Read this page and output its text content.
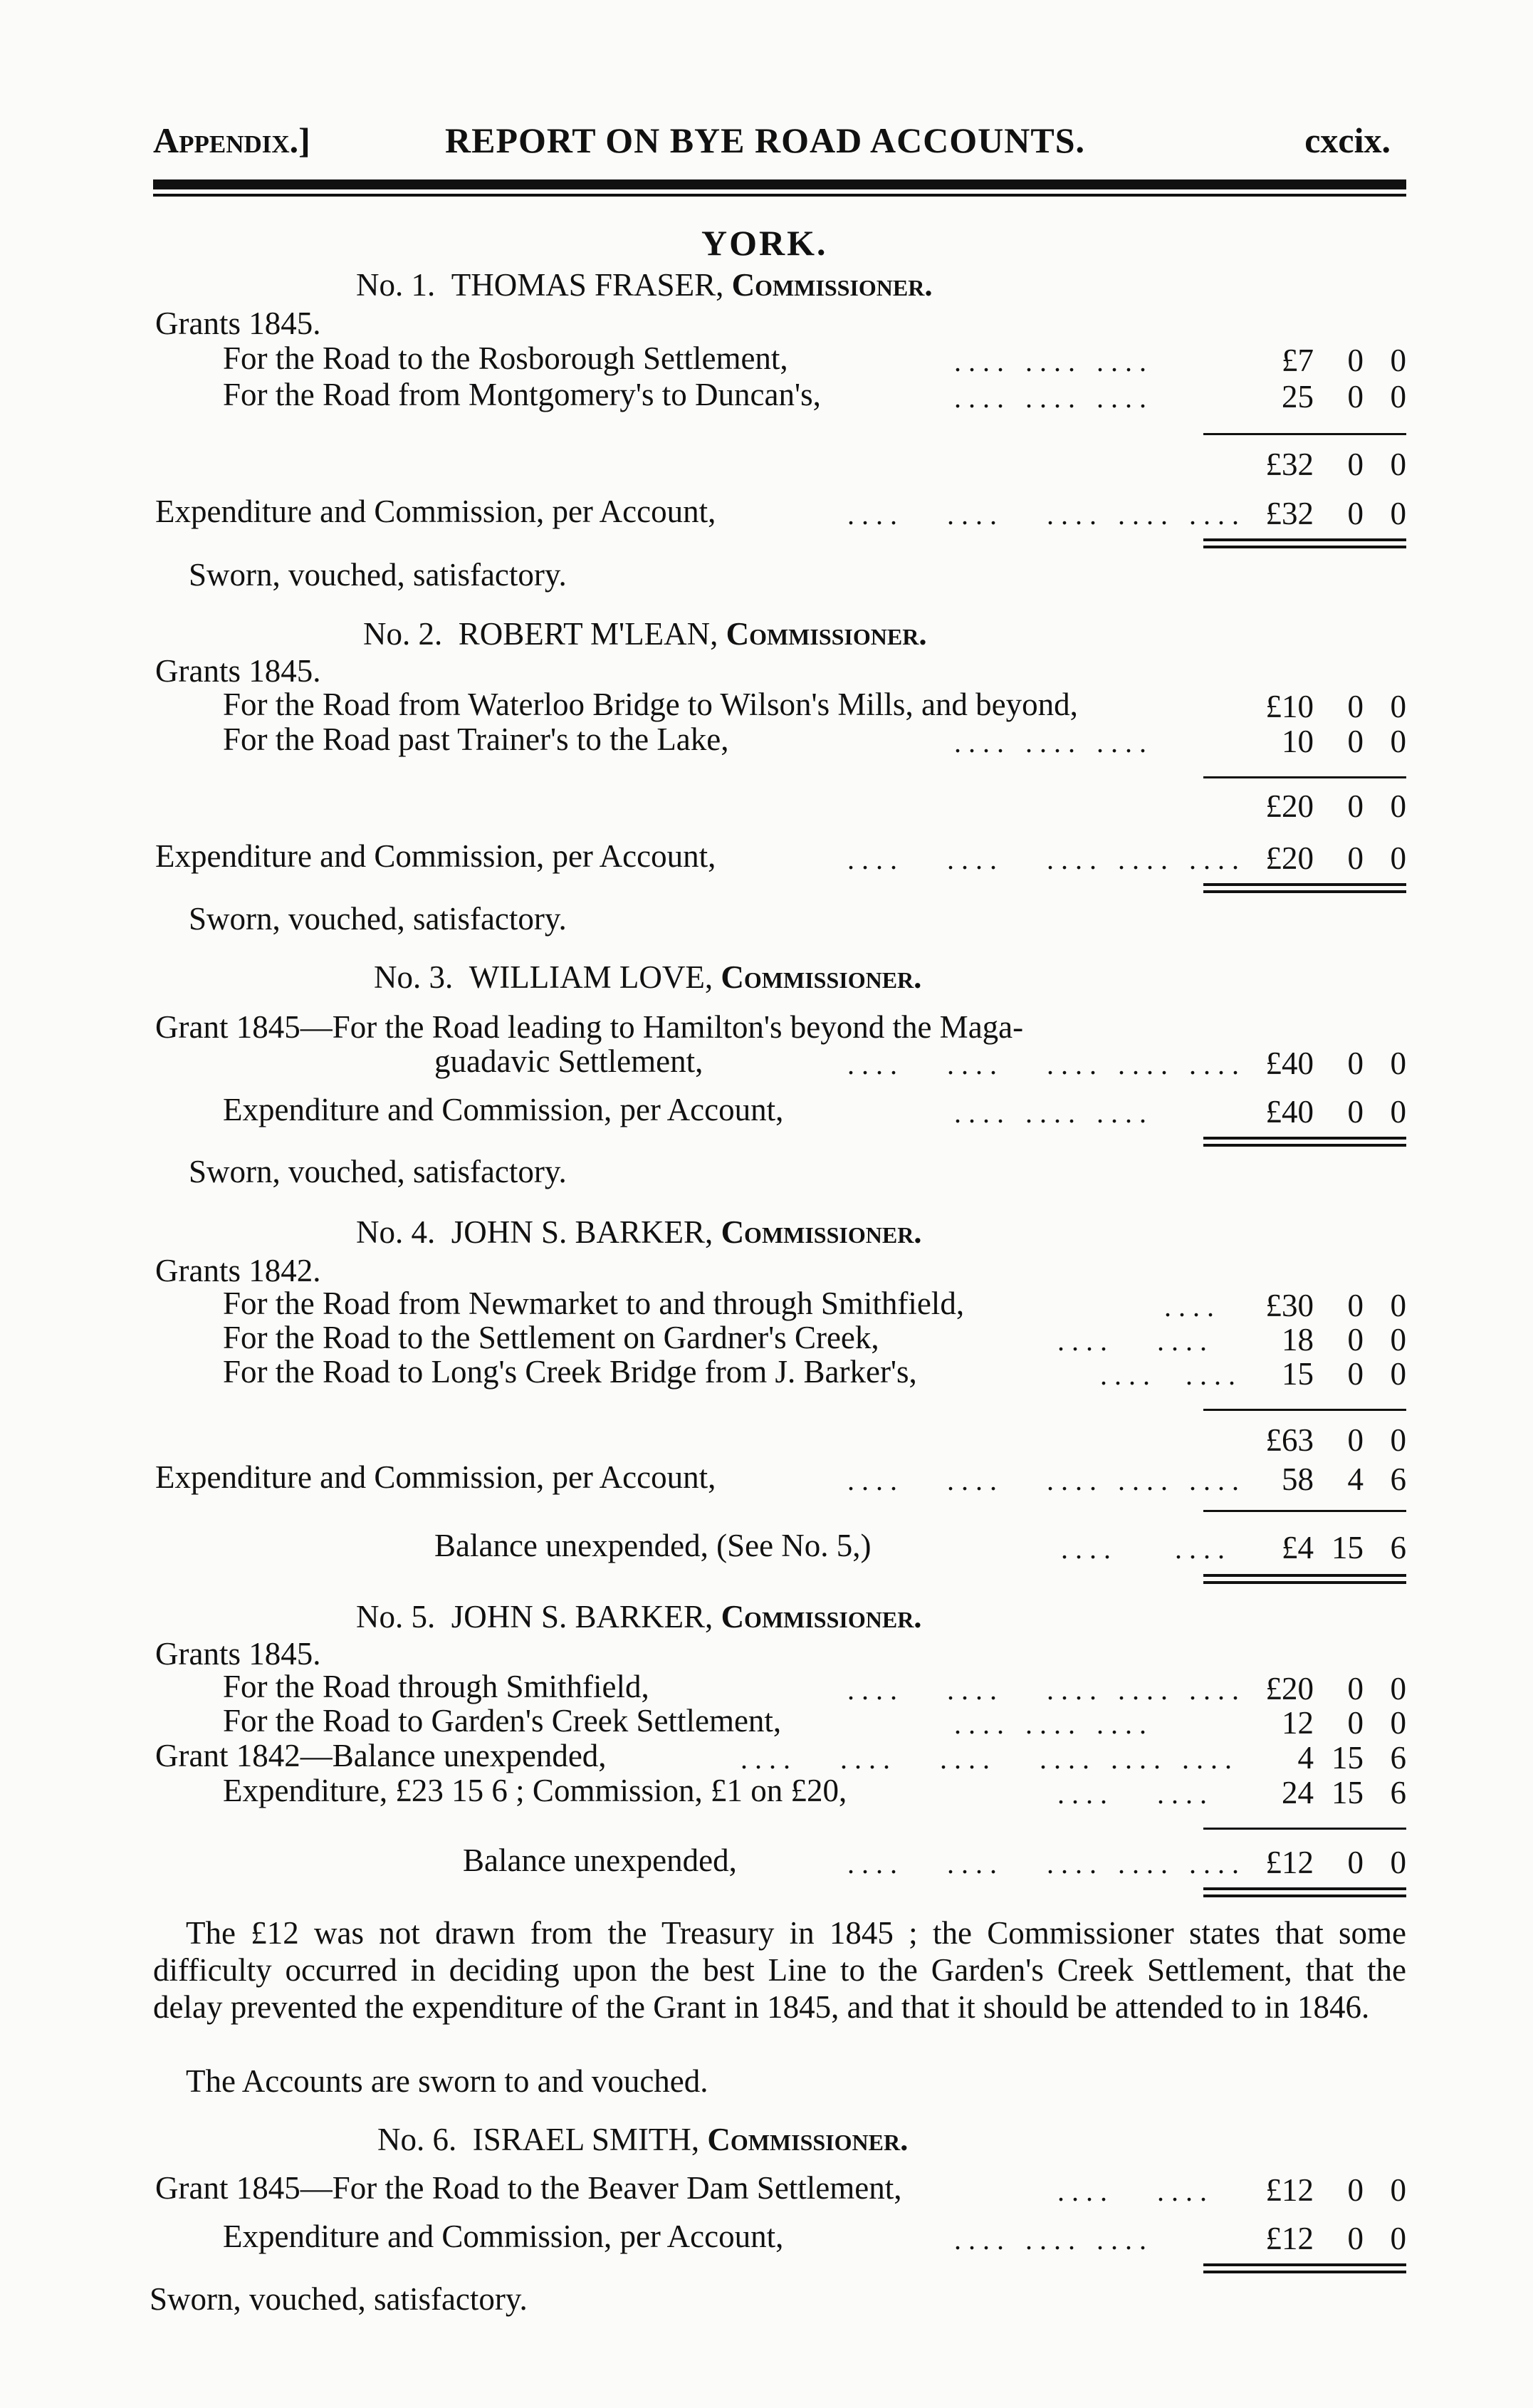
Appendix.]	REPORT ON BYE ROAD ACCOUNTS.	cxcix.
YORK.
No. 1. THOMAS FRASER, Commissioner.
Grants 1845.
For the Road to the Rosborough Settlement,	.... .... ....	£7	0 0
For the Road from Montgomery's to Duncan's,	.... .... ....	25	0 0
£32	0 0
Expenditure and Commission, per Account,	....   ....   .... .... .... £32	0 0
Sworn, vouched, satisfactory.
No. 2. ROBERT M'LEAN, Commissioner.
Grants 1845.
For the Road from Waterloo Bridge to Wilson's Mills, and beyond,	£10	0 0
For the Road past Trainer's to the Lake,	.... .... ....	10	0 0
£20	0 0
Expenditure and Commission, per Account,	....   ....   .... .... .... £20	0 0
Sworn, vouched, satisfactory.
No. 3. WILLIAM LOVE, Commissioner.
Grant 1845—For the Road leading to Hamilton's beyond the Maga-
guadavic Settlement,	....   ....   .... .... .... £40	0 0
Expenditure and Commission, per Account,	.... .... ....	£40	0 0
Sworn, vouched, satisfactory.
No. 4. JOHN S. BARKER, Commissioner.
Grants 1842.
For the Road from Newmarket to and through Smithfield,	.... £30	0 0
For the Road to the Settlement on Gardner's Creek,	....   .... 18	0 0
For the Road to Long's Creek Bridge from J. Barker's,	....  .... 15	0 0
£63	0 0
Expenditure and Commission, per Account,	....   ....   .... .... .... 58	4 6
Balance unexpended, (See No. 5,)	....    .... £4 15 6
No. 5. JOHN S. BARKER, Commissioner.
Grants 1845.
For the Road through Smithfield,	....   ....   .... .... .... £20	0 0
For the Road to Garden's Creek Settlement,	.... .... ....	12	0 0
Grant 1842—Balance unexpended,	....   ....   ....   .... .... .... 4 15 6
Expenditure, £23 15 6 ; Commission, £1 on £20,	....   .... 24 15 6
Balance unexpended,	....   ....   .... .... .... £12	0 0
The £12 was not drawn from the Treasury in 1845 ; the Commissioner states that some difficulty occurred in deciding upon the best Line to the Garden's Creek Settlement, that the delay prevented the expenditure of the Grant in 1845, and that it should be attended to in 1846.
The Accounts are sworn to and vouched.
No. 6. ISRAEL SMITH, Commissioner.
Grant 1845—For the Road to the Beaver Dam Settlement,	....   .... £12	0 0
Expenditure and Commission, per Account,	.... .... ....	£12	0 0
Sworn, vouched, satisfactory.
